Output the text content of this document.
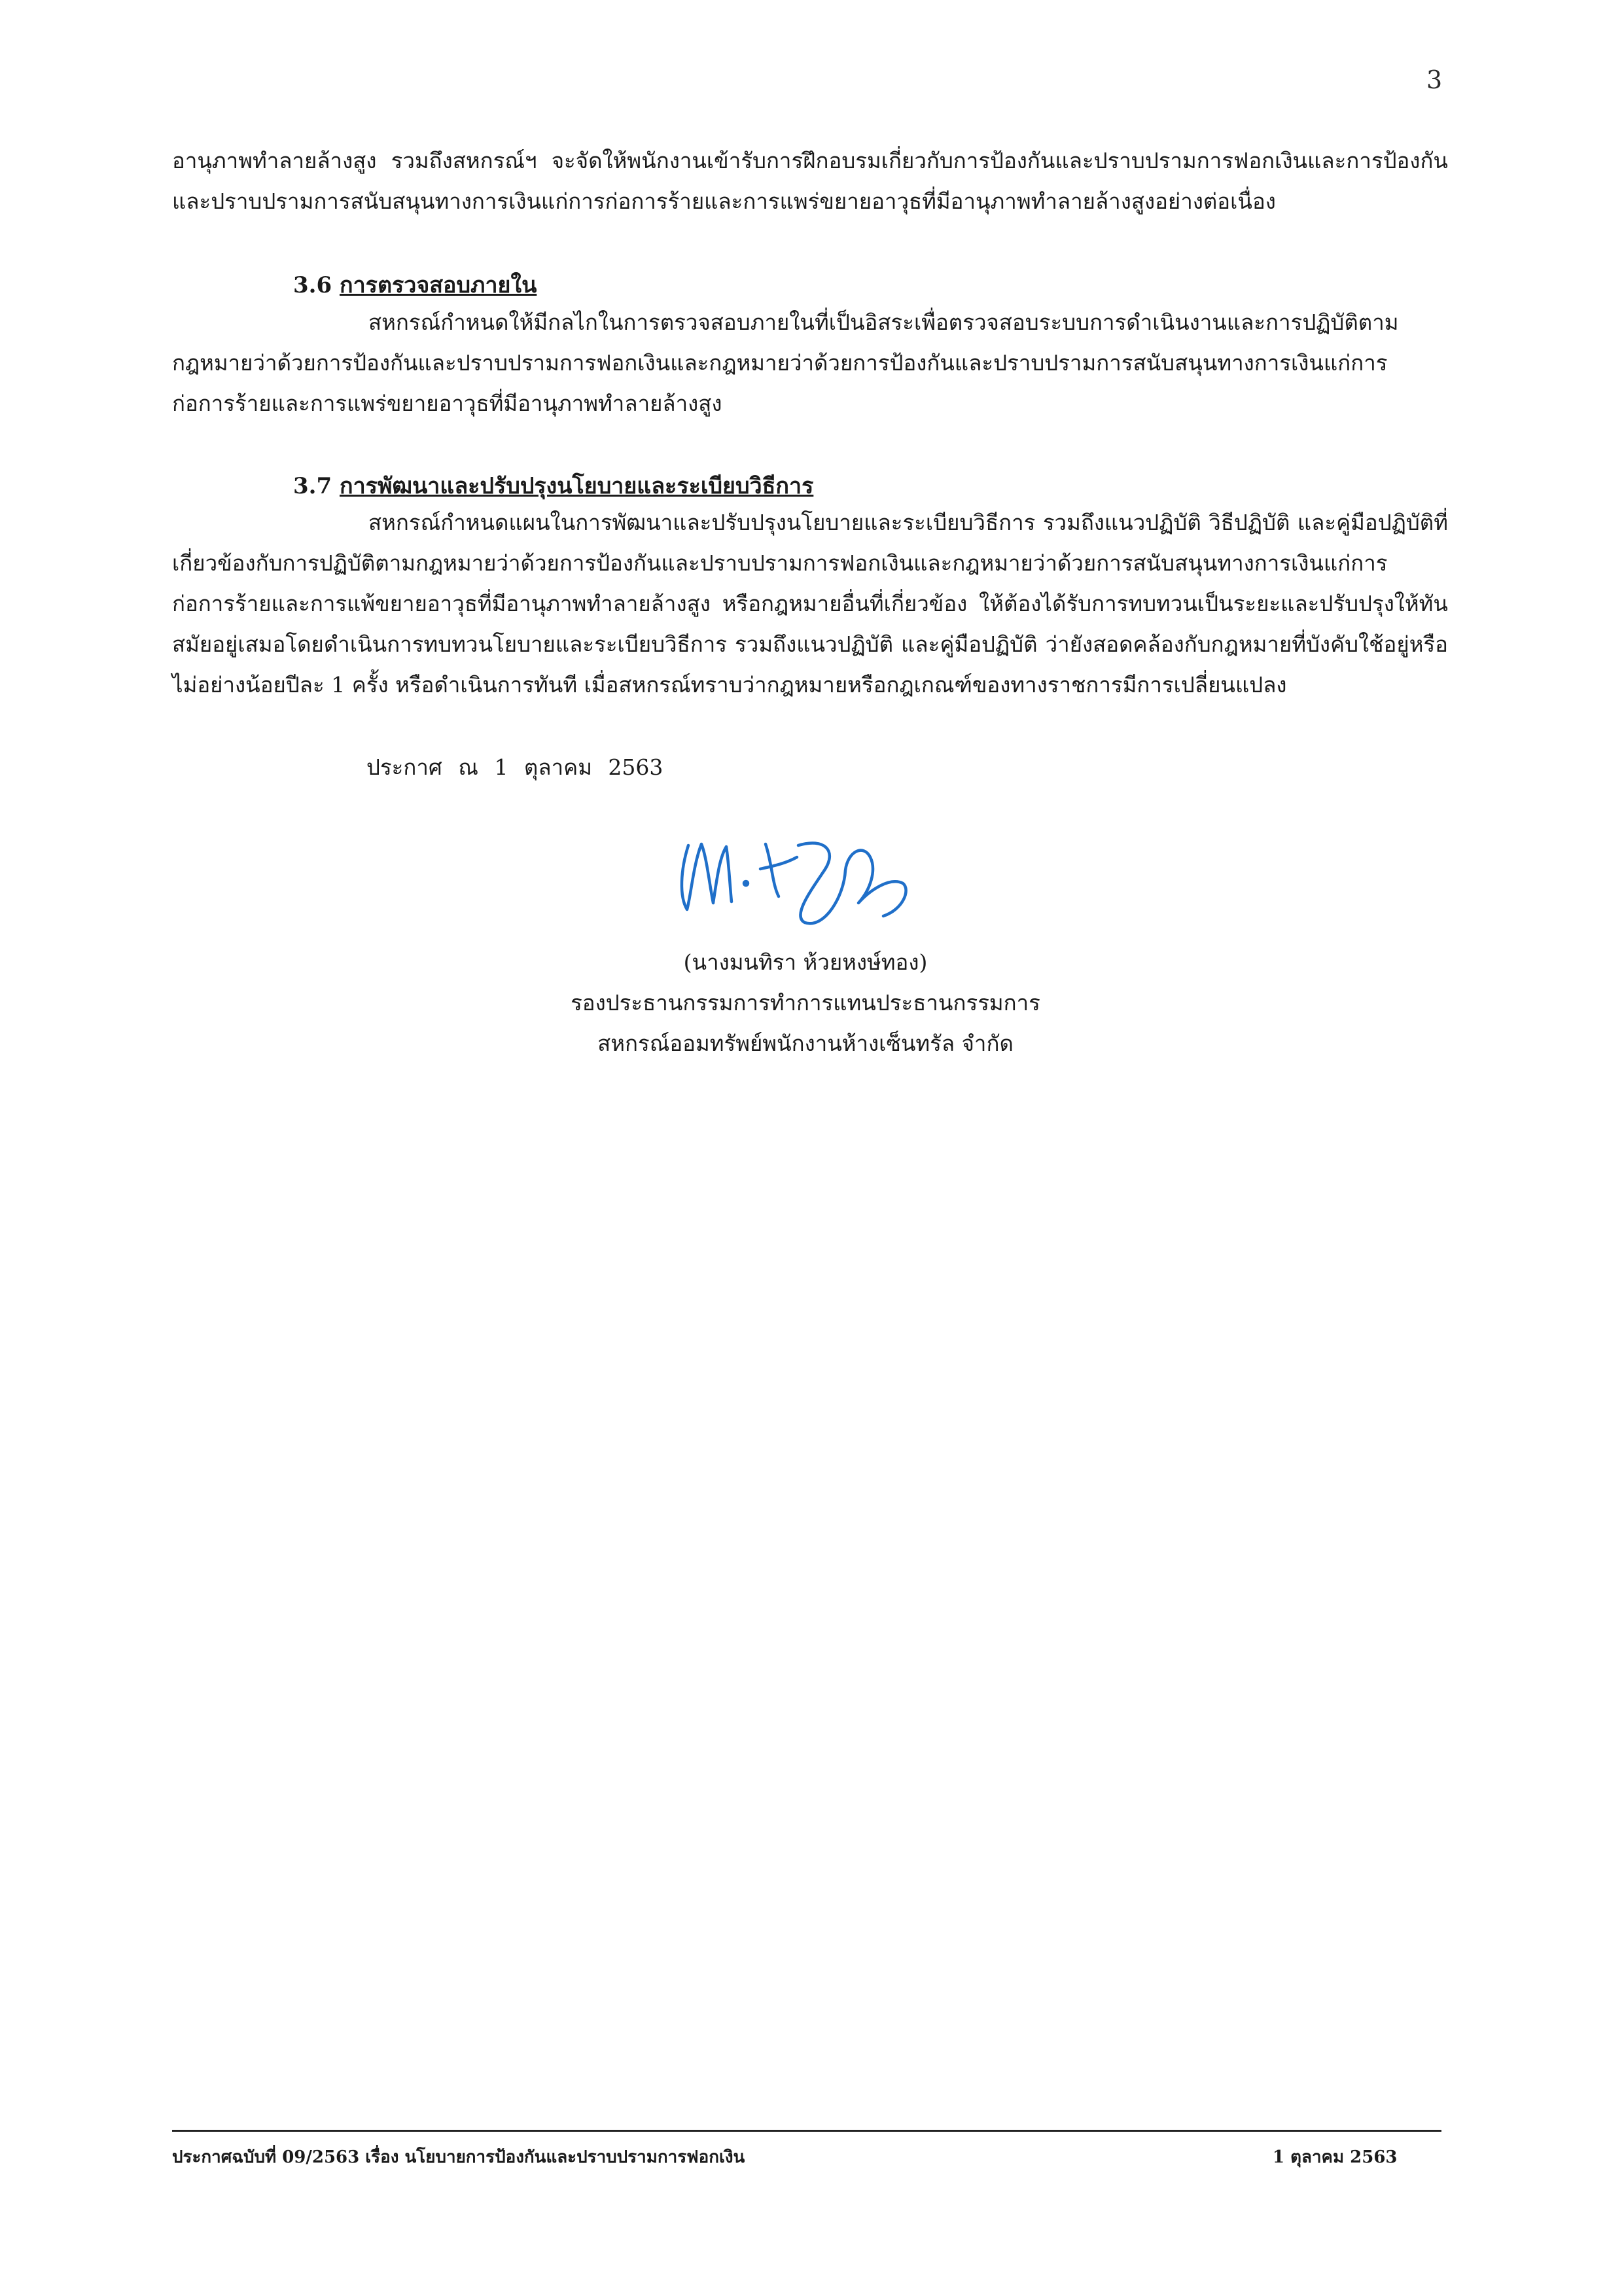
3

อานุภาพทำลายล้างสูง รวมถึงสหกรณ์ฯ จะจัดให้พนักงานเข้ารับการฝึกอบรมเกี่ยวกับการป้องกันและปราบปรามการฟอกเงินและการป้องกัน

และปราบปรามการสนับสนุนทางการเงินแก่การก่อการร้ายและการแพร่ขยายอาวุธที่มีอานุภาพทำลายล้างสูงอย่างต่อเนื่อง

3.6 การตรวจสอบภายใน

สหกรณ์กำหนดให้มีกลไกในการตรวจสอบภายในที่เป็นอิสระเพื่อตรวจสอบระบบการดำเนินงานและการปฏิบัติตามกฎหมายว่าด้วยการป้องกันและปราบปรามการฟอกเงินและกฎหมายว่าด้วยการป้องกันและปราบปรามการสนับสนุนทางการเงินแก่การก่อการร้ายและการแพร่ขยายอาวุธที่มีอานุภาพทำลายล้างสูง

3.7 การพัฒนาและปรับปรุงนโยบายและระเบียบวิธีการ

สหกรณ์กำหนดแผนในการพัฒนาและปรับปรุงนโยบายและระเบียบวิธีการ รวมถึงแนวปฏิบัติ วิธีปฏิบัติ และคู่มือปฏิบัติที่เกี่ยวข้องกับการปฏิบัติตามกฎหมายว่าด้วยการป้องกันและปราบปรามการฟอกเงินและกฎหมายว่าด้วยการสนับสนุนทางการเงินแก่การก่อการร้ายและการแพ้ขยายอาวุธที่มีอานุภาพทำลายล้างสูง หรือกฎหมายอื่นที่เกี่ยวข้อง ให้ต้องได้รับการทบทวนเป็นระยะและปรับปรุงให้ทันสมัยอยู่เสมอโดยดำเนินการทบทวนโยบายและระเบียบวิธีการ รวมถึงแนวปฏิบัติ และคู่มือปฏิบัติ ว่ายังสอดคล้องกับกฎหมายที่บังคับใช้อยู่หรือไม่อย่างน้อยปีละ 1 ครั้ง หรือดำเนินการทันที เมื่อสหกรณ์ทราบว่ากฎหมายหรือกฎเกณฑ์ของทางราชการมีการเปลี่ยนแปลง

ประกาศ ณ 1 ตุลาคม 2563
(นางมนทิรา ห้วยหงษ์ทอง)
รองประธานกรรมการทำการแทนประธานกรรมการ
สหกรณ์ออมทรัพย์พนักงานห้างเซ็นทรัล จำกัด
ประกาศฉบับที่ 09/2563 เรื่อง นโยบายการป้องกันและปราบปรามการฟอกเงิน	1 ตุลาคม 2563
